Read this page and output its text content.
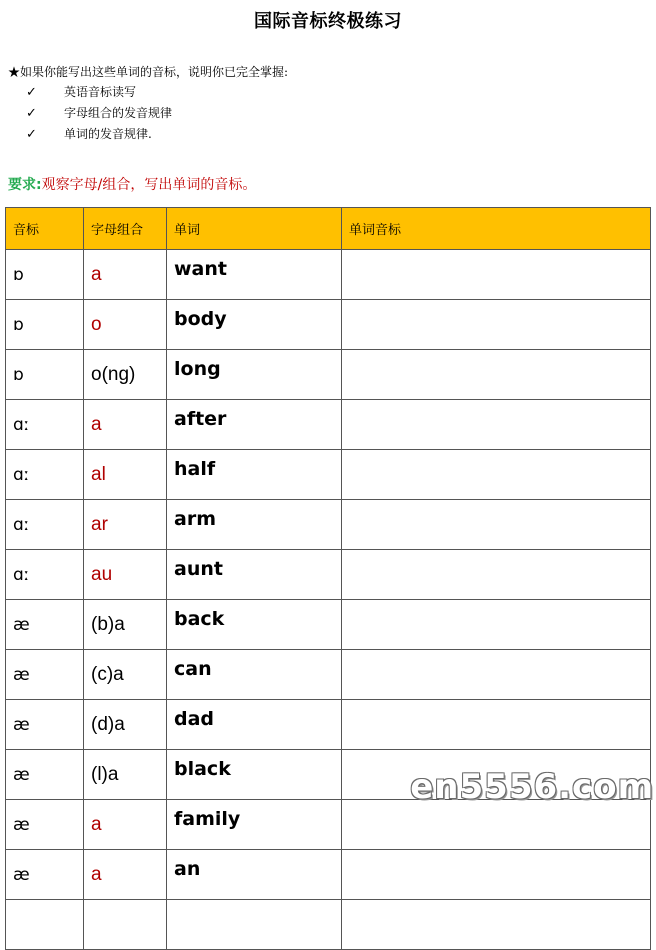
国际音标终极练习
★如果你能写出这些单词的音标，说明你已完全掌握:
✓	英语音标读写
✓	字母组合的发音规律
✓	单词的发音规律.
要求:观察字母/组合，写出单词的音标。
音标	字母组合	单词	单词音标
ɒ	a	want	
ɒ	o	body	
ɒ	o(ng)	long	
ɑː	a	after	
ɑː	al	half	
ɑː	ar	arm	
ɑː	au	aunt	
æ	(b)a	back	
æ	(c)a	can	
æ	(d)a	dad	
æ	(l)a	black	
æ	a	family	
æ	a	an	

en5556.com
